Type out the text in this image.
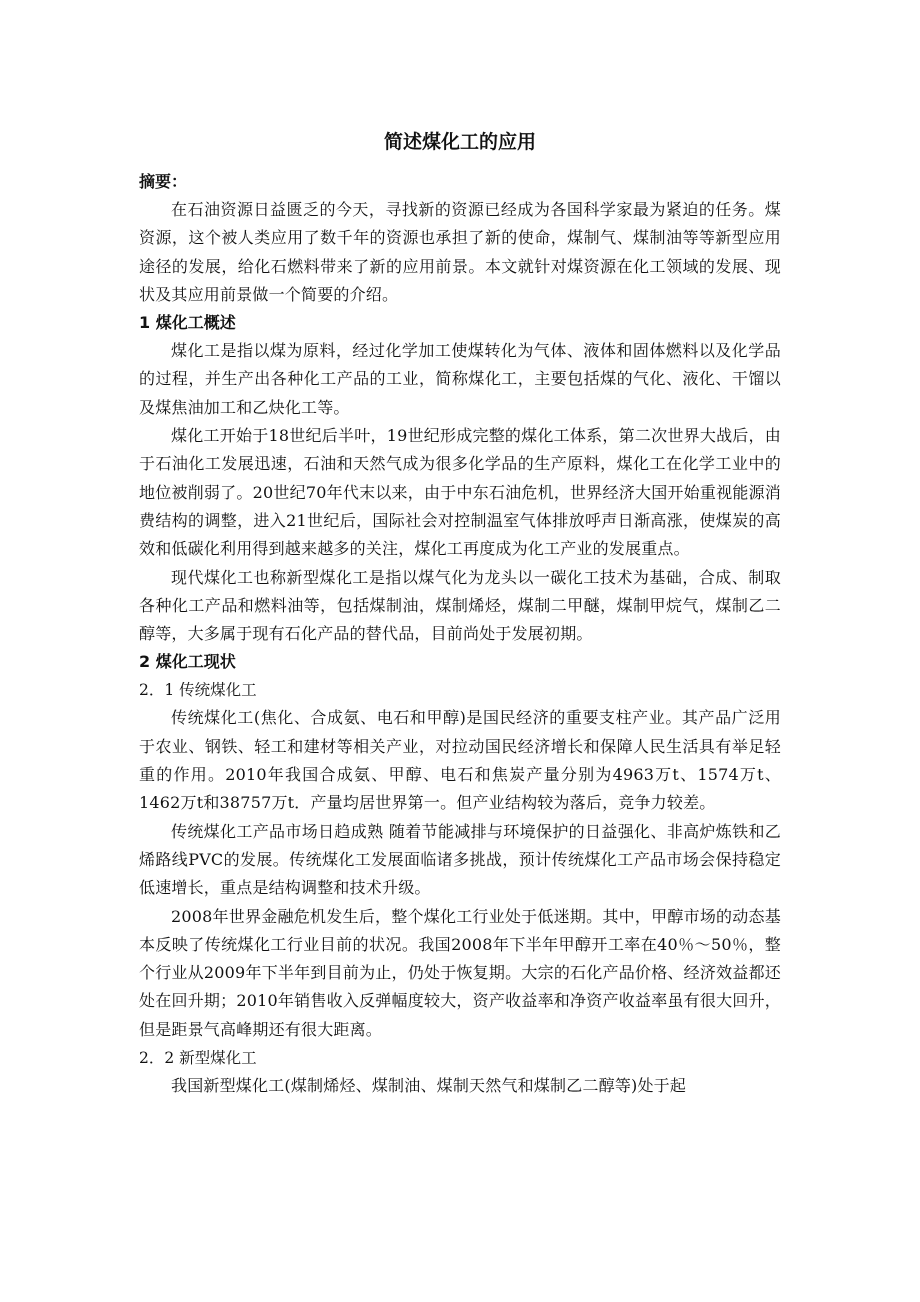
简述煤化工的应用
摘要：

在石油资源日益匮乏的今天，寻找新的资源已经成为各国科学家最为紧迫的任务。煤资源，这个被人类应用了数千年的资源也承担了新的使命，煤制气、煤制油等等新型应用途径的发展，给化石燃料带来了新的应用前景。本文就针对煤资源在化工领域的发展、现状及其应用前景做一个简要的介绍。

1 煤化工概述

煤化工是指以煤为原料，经过化学加工使煤转化为气体、液体和固体燃料以及化学品的过程，并生产出各种化工产品的工业，简称煤化工，主要包括煤的气化、液化、干馏以及煤焦油加工和乙炔化工等。

煤化工开始于18世纪后半叶，19世纪形成完整的煤化工体系，第二次世界大战后，由于石油化工发展迅速，石油和天然气成为很多化学品的生产原料，煤化工在化学工业中的地位被削弱了。20世纪70年代末以来，由于中东石油危机，世界经济大国开始重视能源消费结构的调整，进入21世纪后，国际社会对控制温室气体排放呼声日渐高涨，使煤炭的高效和低碳化利用得到越来越多的关注，煤化工再度成为化工产业的发展重点。

现代煤化工也称新型煤化工是指以煤气化为龙头以一碳化工技术为基础，合成、制取各种化工产品和燃料油等，包括煤制油，煤制烯烃，煤制二甲醚，煤制甲烷气，煤制乙二醇等，大多属于现有石化产品的替代品，目前尚处于发展初期。

2 煤化工现状
2．1 传统煤化工

传统煤化工(焦化、合成氨、电石和甲醇)是国民经济的重要支柱产业。其产品广泛用于农业、钢铁、轻工和建材等相关产业，对拉动国民经济增长和保障人民生活具有举足轻重的作用。2010年我国合成氨、甲醇、电石和焦炭产量分别为4963万t、1574万t、1462万t和38757万t．产量均居世界第一。但产业结构较为落后，竞争力较差。

传统煤化工产品市场日趋成熟 随着节能减排与环境保护的日益强化、非高炉炼铁和乙烯路线PVC的发展。传统煤化工发展面临诸多挑战，预计传统煤化工产品市场会保持稳定低速增长，重点是结构调整和技术升级。

2008年世界金融危机发生后，整个煤化工行业处于低迷期。其中，甲醇市场的动态基本反映了传统煤化工行业目前的状况。我国2008年下半年甲醇开工率在40％～50％，整个行业从2009年下半年到目前为止，仍处于恢复期。大宗的石化产品价格、经济效益都还处在回升期；2010年销售收入反弹幅度较大，资产收益率和净资产收益率虽有很大回升，但是距景气高峰期还有很大距离。

2．2 新型煤化工

我国新型煤化工(煤制烯烃、煤制油、煤制天然气和煤制乙二醇等)处于起
